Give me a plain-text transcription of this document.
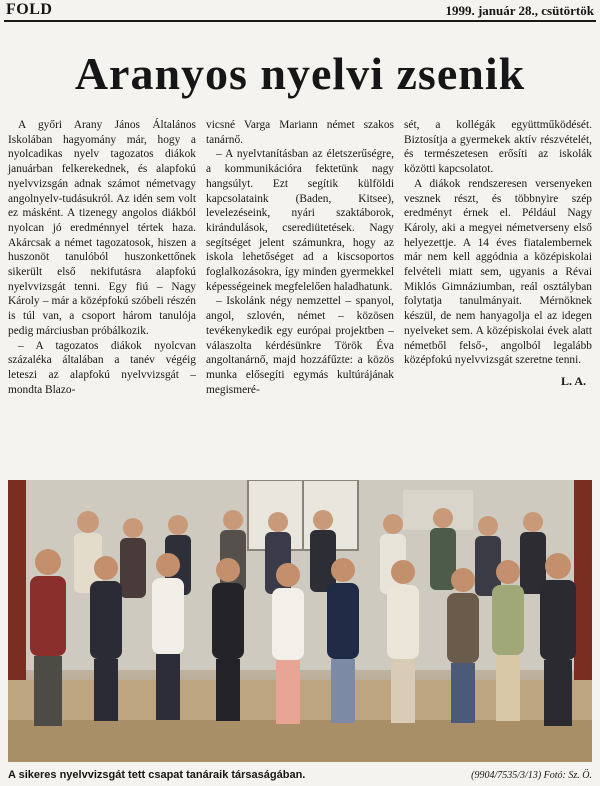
FOLD	1999. január 28., csütörtök
Aranyos nyelvi zsenik

A győri Arany János Általános Iskolában hagyomány már, hogy a nyolcadikas nyelv tagozatos diákok januárban felkerekednek, és alapfokú nyelvvizsgán adnak számot németvagy angolnyelv-tudásukról. Az idén sem volt ez másként. A tizenegy angolos diákból nyolcan jó eredménnyel tértek haza. Akárcsak a német tagozatosok, hiszen a huszonöt tanulóból huszonkettőnek sikerült első nekifutásra alapfokú nyelvvizsgát tenni. Egy fiú – Nagy Károly – már a középfokú szóbeli részén is túl van, a csoport három tanulója pedig márciusban próbálkozik.

– A tagozatos diákok nyolcvan százaléka általában a tanév végéig leteszi az alapfokú nyelvvizsgát – mondta Blazo-

vicsné Varga Mariann német szakos tanárnő.

– A nyelvtanításban az életszerűségre, a kommunikációra fektetünk nagy hangsúlyt. Ezt segítik külföldi kapcsolataink (Baden, Kitsee), levelezéseink, nyári szaktáborok, kirándulások, cserediütetések. Nagy segítséget jelent számunkra, hogy az iskola lehetőséget ad a kiscsoportos foglalkozásokra, így minden gyermekkel képességeinek megfelelően haladhatunk.

– Iskolánk négy nemzettel – spanyol, angol, szlovén, német – közösen tevékenykedik egy európai projektben – válaszolta kérdésünkre Török Éva angoltanárnő, majd hozzáfűzte: a közös munka elősegíti egymás kultúrájának megismeré-

sét, a kollégák együttműködését. Biztosítja a gyermekek aktív részvételét, és természetesen erősíti az iskolák közötti kapcsolatot.

A diákok rendszeresen versenyeken vesznek részt, és többnyire szép eredményt érnek el. Például Nagy Károly, aki a megyei németverseny első helyezettje. A 14 éves fiatalembernek már nem kell aggódnia a középiskolai felvételi miatt sem, ugyanis a Révai Miklós Gimnáziumban, reál osztályban folytatja tanulmányait. Mérnöknek készül, de nem hanyagolja el az idegen nyelveket sem. A középiskolai évek alatt németből felső-, angolból legalább középfokú nyelvvizsgát szeretne tenni.

L. A.
A sikeres nyelvvizsgát tett csapat tanáraik társaságában.	(9904/7535/3/13) Fotó: Sz. Ö.
